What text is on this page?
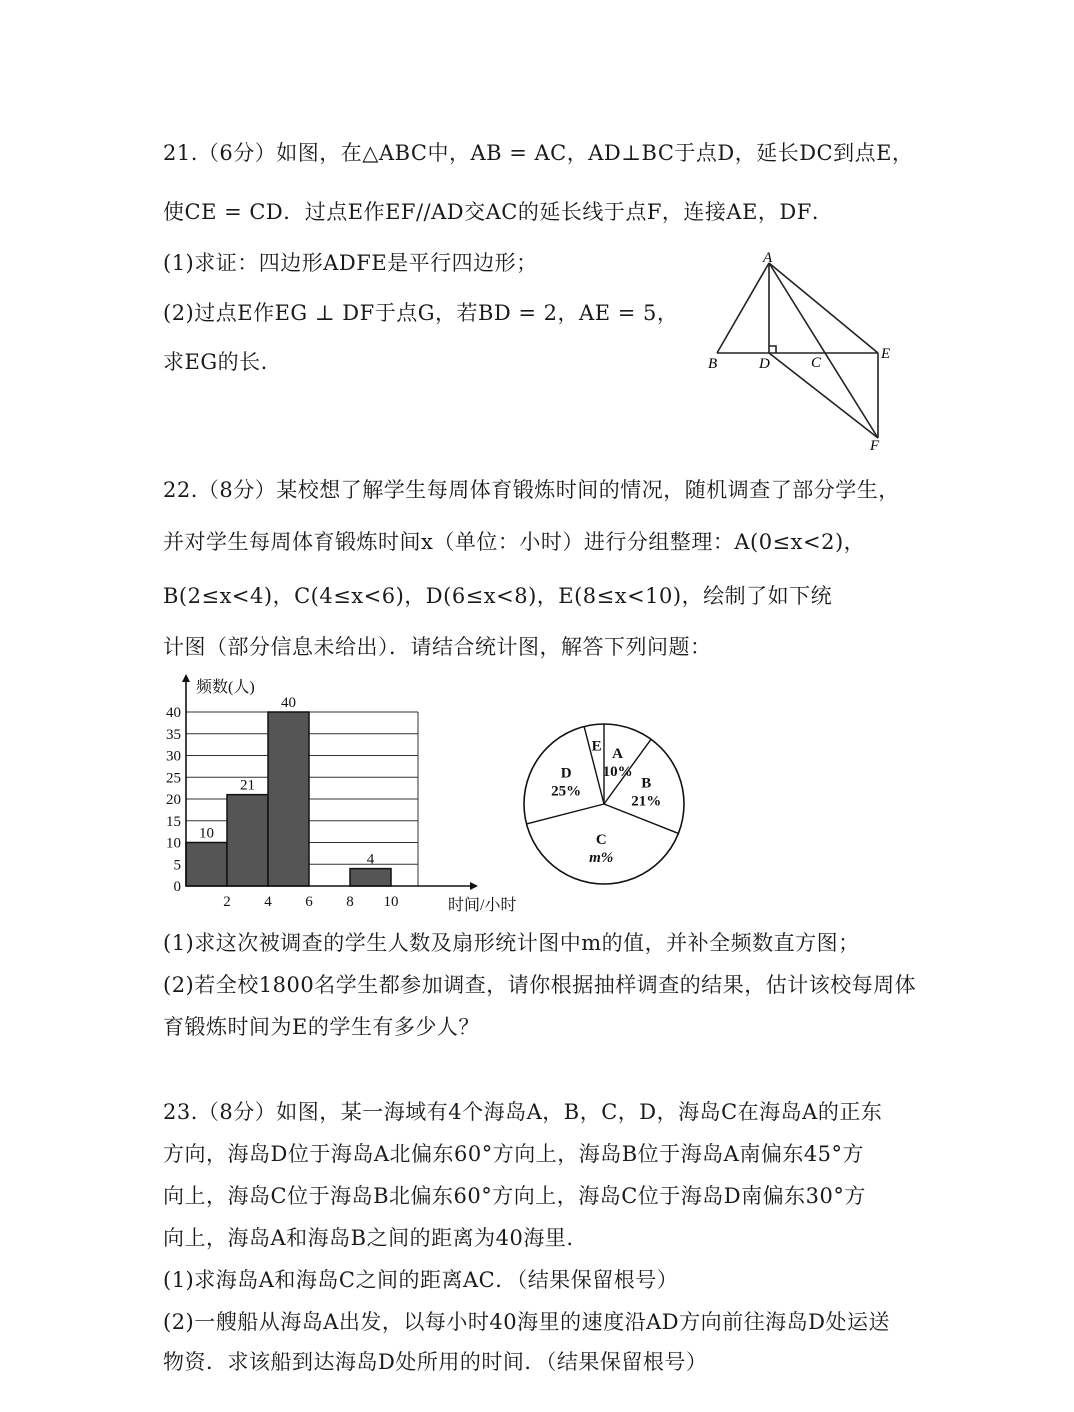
21.（6分）如图，在△ABC中，AB = AC，AD⊥BC于点D，延长DC到点E，

使CE = CD．过点E作EF//AD交AC的延长线于点F，连接AE，DF．

(1)求证：四边形ADFE是平行四边形；

(2)过点E作EG ⊥ DF于点G，若BD = 2，AE = 5，

求EG的长.

A
B	D	C
E
F

22.（8分）某校想了解学生每周体育锻炼时间的情况，随机调查了部分学生，

并对学生每周体育锻炼时间x（单位：小时）进行分组整理：A(0≤x<2)，

B(2≤x<4)，C(4≤x<6)，D(6≤x<8)，E(8≤x<10)，绘制了如下统

计图（部分信息未给出）．请结合统计图，解答下列问题：

0
5
10
15
20
25
30
35
40
10
21
40
4
2 4 6 8 10
频数(人)
时间/小时
A
10%
B
21%
C
m%
D
25%
E

(1)求这次被调查的学生人数及扇形统计图中m的值，并补全频数直方图；

(2)若全校1800名学生都参加调查，请你根据抽样调查的结果，估计该校每周体

育锻炼时间为E的学生有多少人？

23.（8分）如图，某一海域有4个海岛A，B，C，D，海岛C在海岛A的正东

方向，海岛D位于海岛A北偏东60°方向上，海岛B位于海岛A南偏东45°方

向上，海岛C位于海岛B北偏东60°方向上，海岛C位于海岛D南偏东30°方

向上，海岛A和海岛B之间的距离为40海里.

(1)求海岛A和海岛C之间的距离AC．（结果保留根号）

(2)一艘船从海岛A出发，以每小时40海里的速度沿AD方向前往海岛D处运送

物资．求该船到达海岛D处所用的时间．（结果保留根号）
